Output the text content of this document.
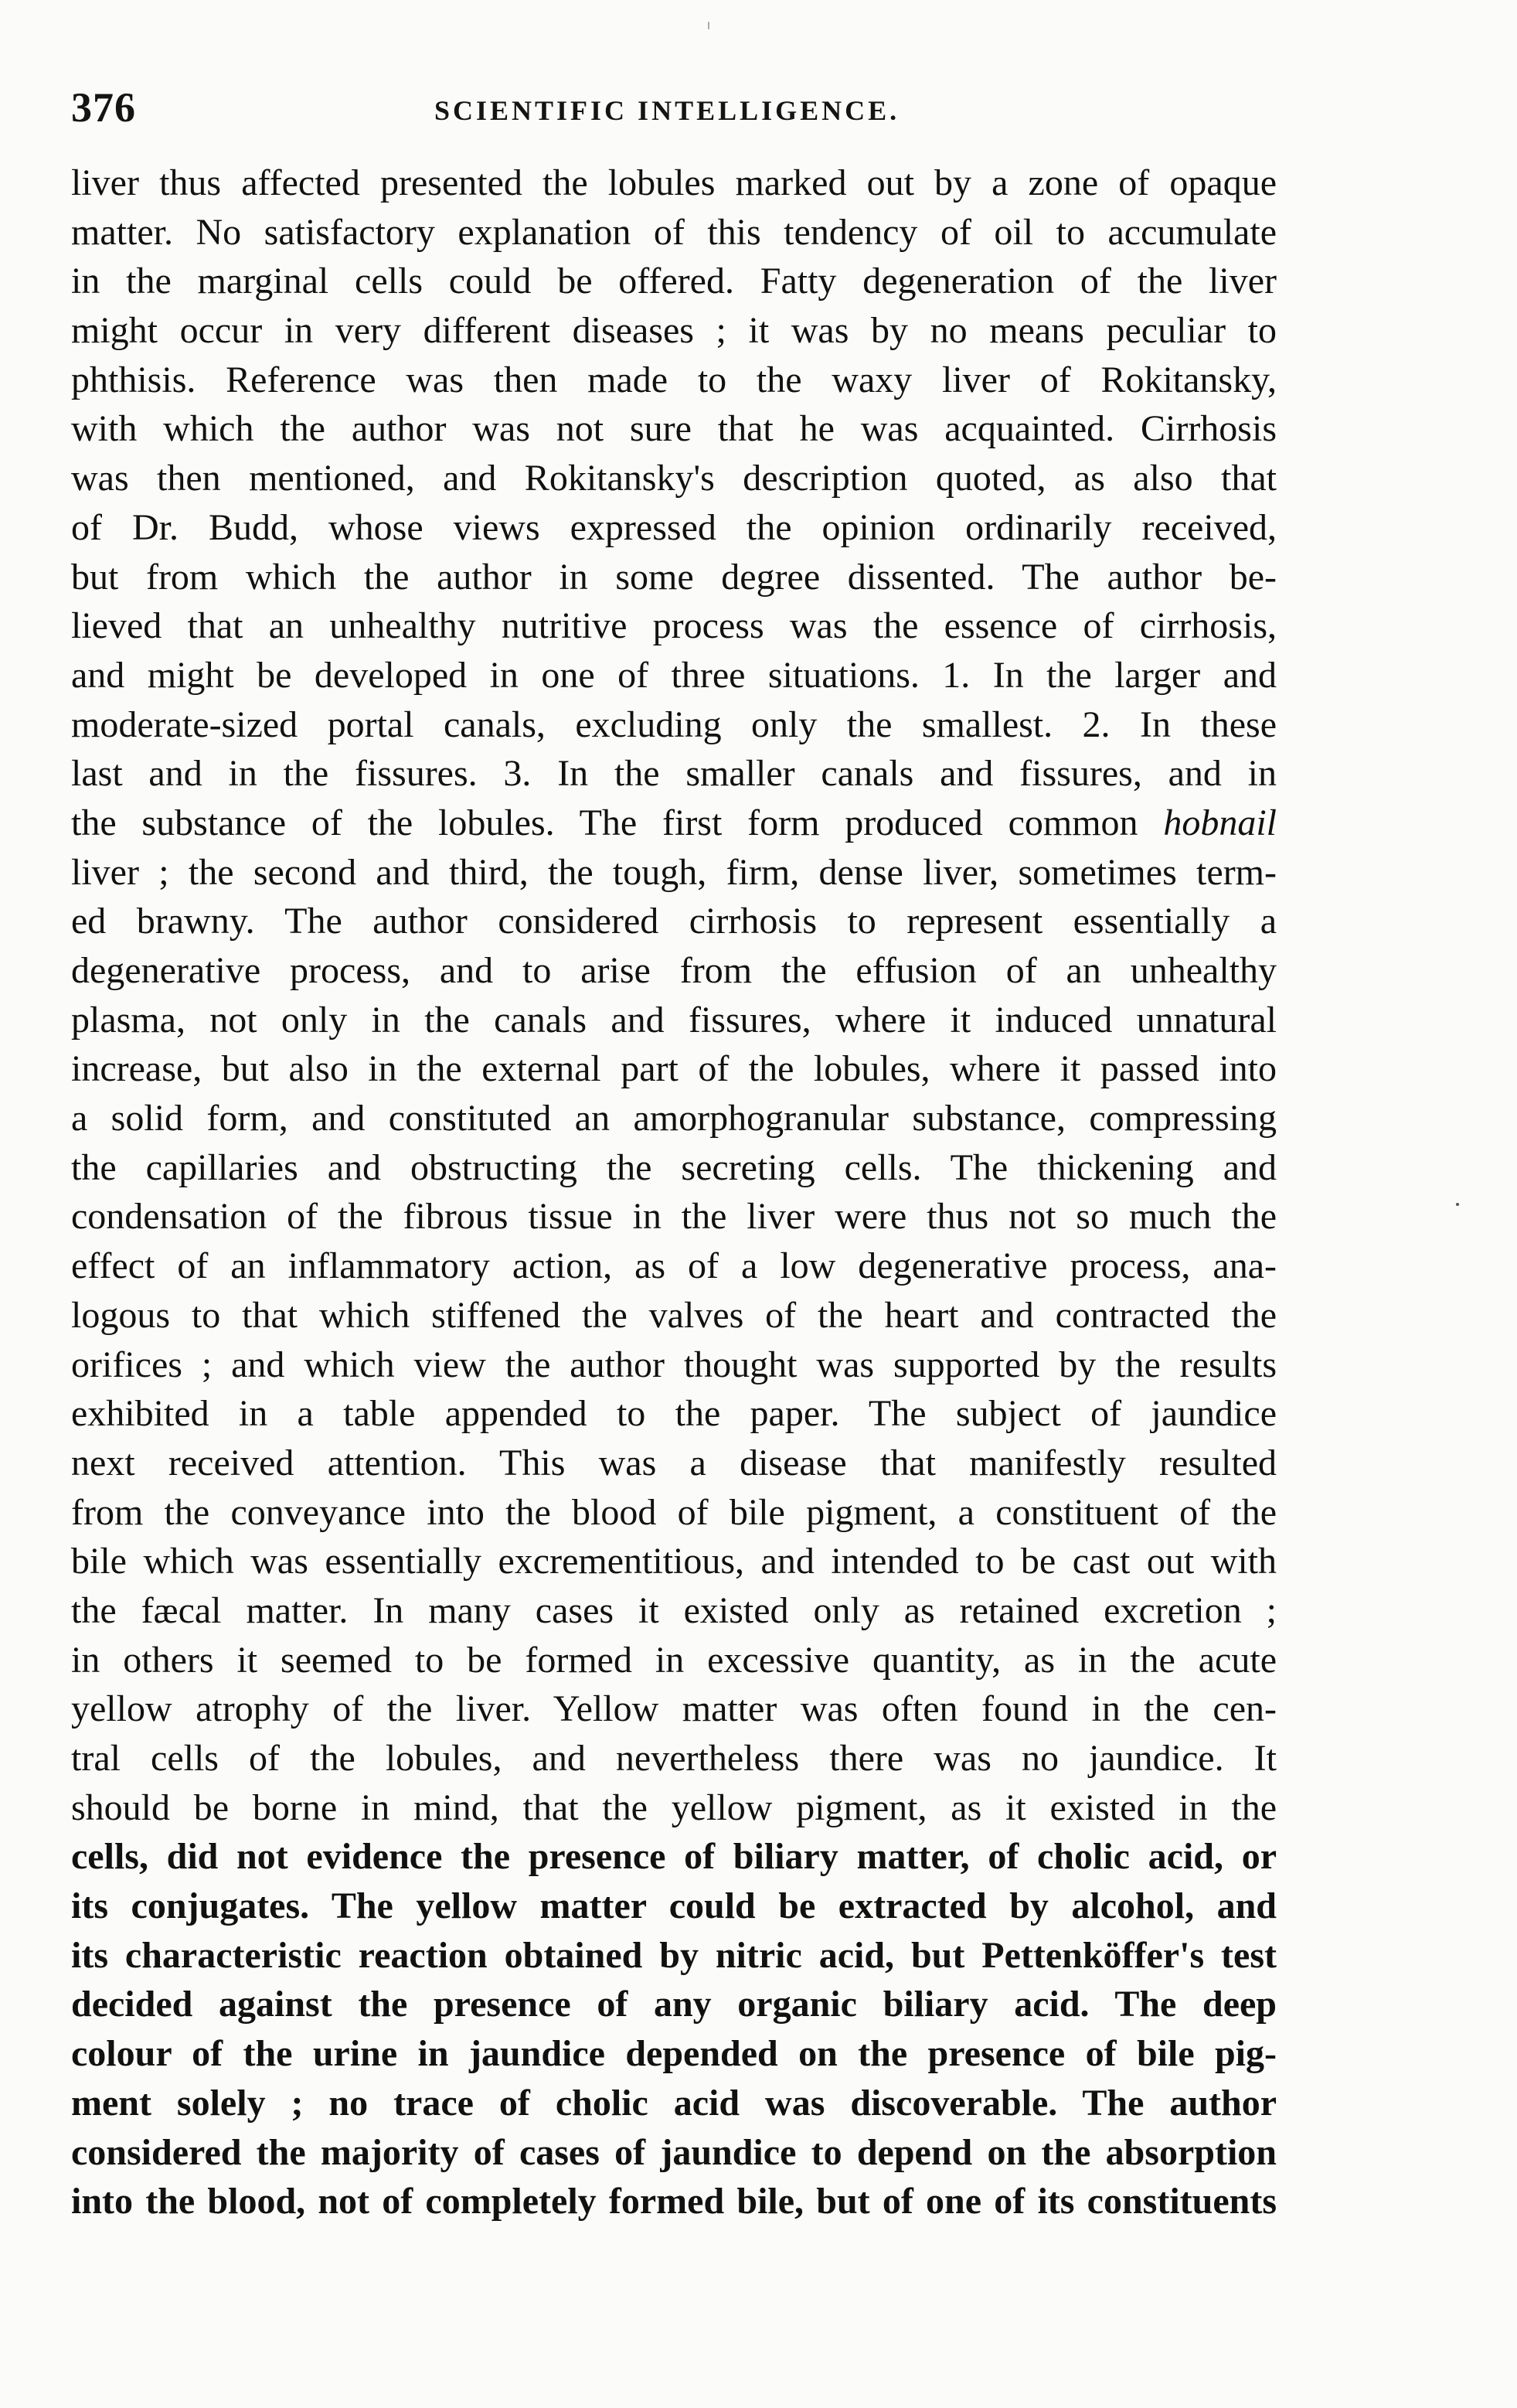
376	SCIENTIFIC INTELLIGENCE.
liver thus affected presented the lobules marked out by a zone of opaque
matter. No satisfactory explanation of this tendency of oil to accumulate
in the marginal cells could be offered. Fatty degeneration of the liver
might occur in very different diseases ; it was by no means peculiar to
phthisis. Reference was then made to the waxy liver of Rokitansky,
with which the author was not sure that he was acquainted. Cirrhosis
was then mentioned, and Rokitansky's description quoted, as also that
of Dr. Budd, whose views expressed the opinion ordinarily received,
but from which the author in some degree dissented. The author be-
lieved that an unhealthy nutritive process was the essence of cirrhosis,
and might be developed in one of three situations. 1. In the larger and
moderate-sized portal canals, excluding only the smallest. 2. In these
last and in the fissures. 3. In the smaller canals and fissures, and in
the substance of the lobules. The first form produced common hobnail
liver ; the second and third, the tough, firm, dense liver, sometimes term-
ed brawny. The author considered cirrhosis to represent essentially a
degenerative process, and to arise from the effusion of an unhealthy
plasma, not only in the canals and fissures, where it induced unnatural
increase, but also in the external part of the lobules, where it passed into
a solid form, and constituted an amorphogranular substance, compressing
the capillaries and obstructing the secreting cells. The thickening and
condensation of the fibrous tissue in the liver were thus not so much the
effect of an inflammatory action, as of a low degenerative process, ana-
logous to that which stiffened the valves of the heart and contracted the
orifices ; and which view the author thought was supported by the results
exhibited in a table appended to the paper. The subject of jaundice
next received attention. This was a disease that manifestly resulted
from the conveyance into the blood of bile pigment, a constituent of the
bile which was essentially excrementitious, and intended to be cast out with
the fæcal matter. In many cases it existed only as retained excretion ;
in others it seemed to be formed in excessive quantity, as in the acute
yellow atrophy of the liver. Yellow matter was often found in the cen-
tral cells of the lobules, and nevertheless there was no jaundice. It
should be borne in mind, that the yellow pigment, as it existed in the
cells, did not evidence the presence of biliary matter, of cholic acid, or
its conjugates. The yellow matter could be extracted by alcohol, and
its characteristic reaction obtained by nitric acid, but Pettenköffer's test
decided against the presence of any organic biliary acid. The deep
colour of the urine in jaundice depended on the presence of bile pig-
ment solely ; no trace of cholic acid was discoverable. The author
considered the majority of cases of jaundice to depend on the absorption
into the blood, not of completely formed bile, but of one of its constituents
